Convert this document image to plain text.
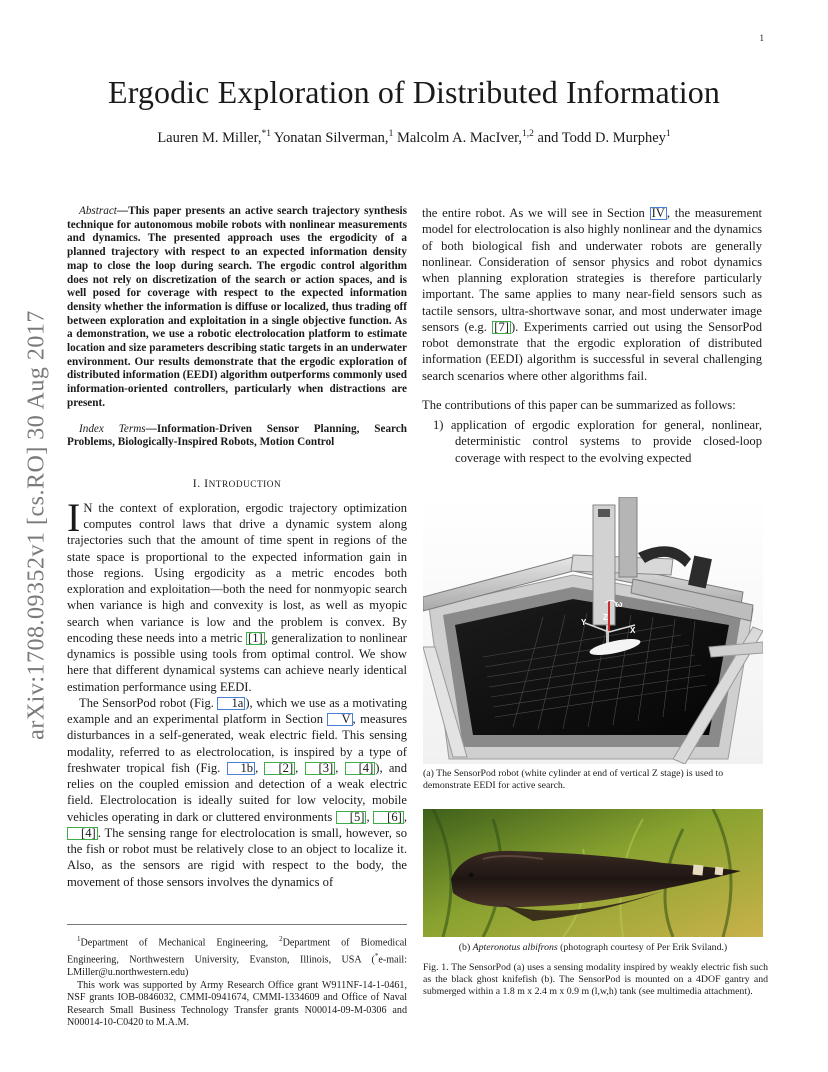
1
arXiv:1708.09352v1 [cs.RO] 30 Aug 2017
Ergodic Exploration of Distributed Information
Lauren M. Miller,$^{*1}$ Yonatan Silverman,$^1$ Malcolm A. MacIver,$^{1,2}$ and Todd D. Murphey$^1$

Abstract—This paper presents an active search trajectory synthesis technique for autonomous mobile robots with nonlinear measurements and dynamics. The presented approach uses the ergodicity of a planned trajectory with respect to an expected information density map to close the loop during search. The ergodic control algorithm does not rely on discretization of the search or action spaces, and is well posed for coverage with respect to the expected information density whether the information is diffuse or localized, thus trading off between exploration and exploitation in a single objective function. As a demonstration, we use a robotic electrolocation platform to estimate location and size parameters describing static targets in an underwater environment. Our results demonstrate that the ergodic exploration of distributed information (EEDI) algorithm outperforms commonly used information-oriented controllers, particularly when distractions are present.

Index Terms—Information-Driven Sensor Planning, Search Problems, Biologically-Inspired Robots, Motion Control

I. INTRODUCTION

I N the context of exploration, ergodic trajectory optimization computes control laws that drive a dynamic system along trajectories such that the amount of time spent in regions of the state space is proportional to the expected information gain in those regions. Using ergodicity as a metric encodes both exploration and exploitation—both the need for nonmyopic search when variance is high and convexity is lost, as well as myopic search when variance is low and the problem is convex. By encoding these needs into a metric [1] , generalization to nonlinear dynamics is possible using tools from optimal control. We show here that different dynamical systems can achieve nearly identical estimation performance using EEDI.

The SensorPod robot (Fig. 1a ), which we use as a motivating example and an experimental platform in Section V , measures disturbances in a self-generated, weak electric field. This sensing modality, referred to as electrolocation, is inspired by a type of freshwater tropical fish (Fig. 1b , [2] , [3] , [4] ), and relies on the coupled emission and detection of a weak electric field. Electrolocation is ideally suited for low velocity, mobile vehicles operating in dark or cluttered environments [5] , [6] , [4] . The sensing range for electrolocation is small, however, so the fish or robot must be relatively close to an object to localize it. Also, as the sensors are rigid with respect to the body, the movement of those sensors involves the dynamics of

$^1$Department of Mechanical Engineering, $^2$Department of Biomedical Engineering, Northwestern University, Evanston, Illinois, USA (*e-mail: LMiller@u.northwestern.edu)

This work was supported by Army Research Office grant W911NF-14-1-0461, NSF grants IOB-0846032, CMMI-0941674, CMMI-1334609 and Office of Naval Research Small Business Technology Transfer grants N00014-09-M-0306 and N00014-10-C0420 to M.A.M.

the entire robot. As we will see in Section IV , the measurement model for electrolocation is also highly nonlinear and the dynamics of both biological fish and underwater robots are generally nonlinear. Consideration of sensor physics and robot dynamics when planning exploration strategies is therefore particularly important. The same applies to many near-field sensors such as tactile sensors, ultra-shortwave sonar, and most underwater image sensors (e.g. [7] ). Experiments carried out using the SensorPod robot demonstrate that the ergodic exploration of distributed information (EEDI) algorithm is successful in several challenging search scenarios where other algorithms fail.

The contributions of this paper can be summarized as follows:

1) application of ergodic exploration for general, nonlinear, deterministic control systems to provide closed-loop coverage with respect to the evolving expected

ω
Y
Z
X
(a) The SensorPod robot (white cylinder at end of vertical Z stage) is used to demonstrate EEDI for active search.
(b) Apteronotus albifrons (photograph courtesy of Per Erik Sviland.)
Fig. 1. The SensorPod (a) uses a sensing modality inspired by weakly electric fish such as the black ghost knifefish (b). The SensorPod is mounted on a 4DOF gantry and submerged within a 1.8 m x 2.4 m x 0.9 m (l,w,h) tank (see multimedia attachment).
